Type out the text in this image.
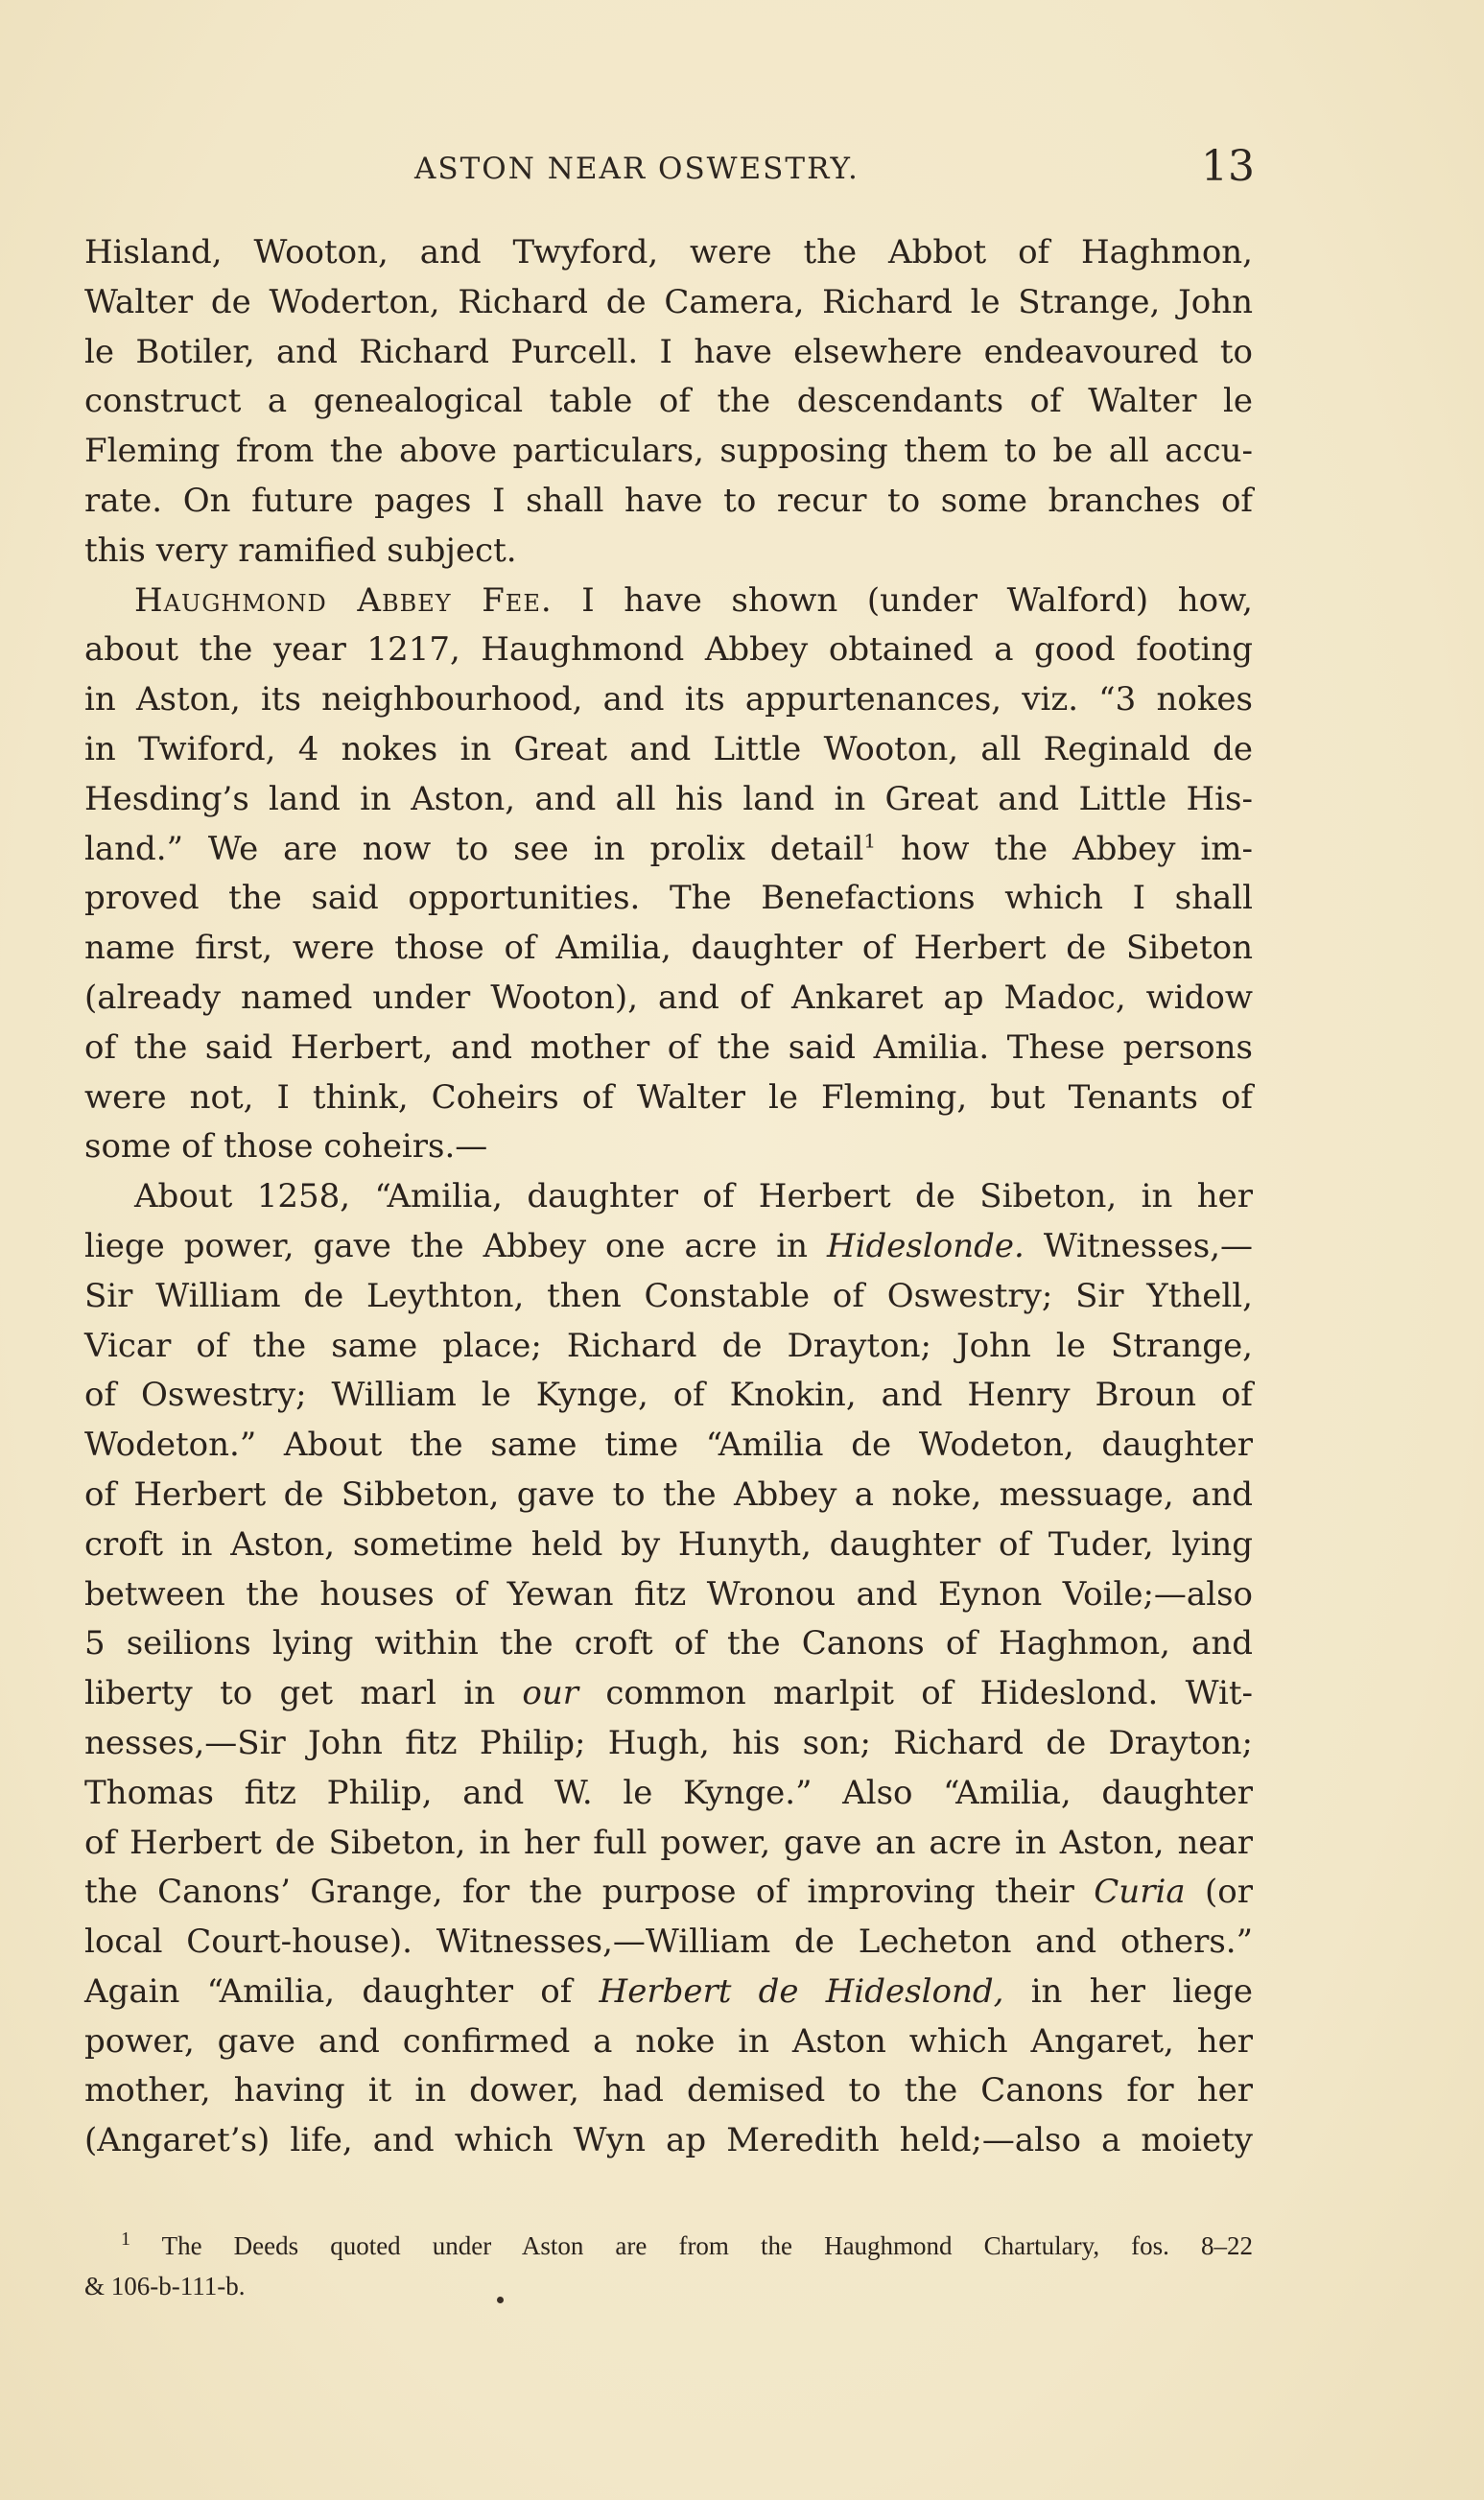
ASTON NEAR OSWESTRY.	13
Hisland, Wooton, and Twyford, were the Abbot of Haghmon,
Walter de Woderton, Richard de Camera, Richard le Strange, John
le Botiler, and Richard Purcell. I have elsewhere endeavoured to
construct a genealogical table of the descendants of Walter le
Fleming from the above particulars, supposing them to be all accu-
rate. On future pages I shall have to recur to some branches of
this very ramified subject.
Haughmond Abbey Fee. I have shown (under Walford) how,
about the year 1217, Haughmond Abbey obtained a good footing
in Aston, its neighbourhood, and its appurtenances, viz. “3 nokes
in Twiford, 4 nokes in Great and Little Wooton, all Reginald de
Hesding’s land in Aston, and all his land in Great and Little His-
land.” We are now to see in prolix detail$^1$ how the Abbey im-
proved the said opportunities. The Benefactions which I shall
name first, were those of Amilia, daughter of Herbert de Sibeton
(already named under Wooton), and of Ankaret ap Madoc, widow
of the said Herbert, and mother of the said Amilia. These persons
were not, I think, Coheirs of Walter le Fleming, but Tenants of
some of those coheirs.—
About 1258, “Amilia, daughter of Herbert de Sibeton, in her
liege power, gave the Abbey one acre in Hideslonde. Witnesses,—
Sir William de Leythton, then Constable of Oswestry; Sir Ythell,
Vicar of the same place; Richard de Drayton; John le Strange,
of Oswestry; William le Kynge, of Knokin, and Henry Broun of
Wodeton.” About the same time “Amilia de Wodeton, daughter
of Herbert de Sibbeton, gave to the Abbey a noke, messuage, and
croft in Aston, sometime held by Hunyth, daughter of Tuder, lying
between the houses of Yewan fitz Wronou and Eynon Voile;—also
5 seilions lying within the croft of the Canons of Haghmon, and
liberty to get marl in our common marlpit of Hideslond. Wit-
nesses,—Sir John fitz Philip; Hugh, his son; Richard de Drayton;
Thomas fitz Philip, and W. le Kynge.” Also “Amilia, daughter
of Herbert de Sibeton, in her full power, gave an acre in Aston, near
the Canons’ Grange, for the purpose of improving their Curia (or
local Court-house). Witnesses,—William de Lecheton and others.”
Again “Amilia, daughter of Herbert de Hideslond, in her liege
power, gave and confirmed a noke in Aston which Angaret, her
mother, having it in dower, had demised to the Canons for her
(Angaret’s) life, and which Wyn ap Meredith held;—also a moiety
$^1$ The Deeds quoted under Aston are from the Haughmond Chartulary, fos. 8–22
& 106-b-111-b.
